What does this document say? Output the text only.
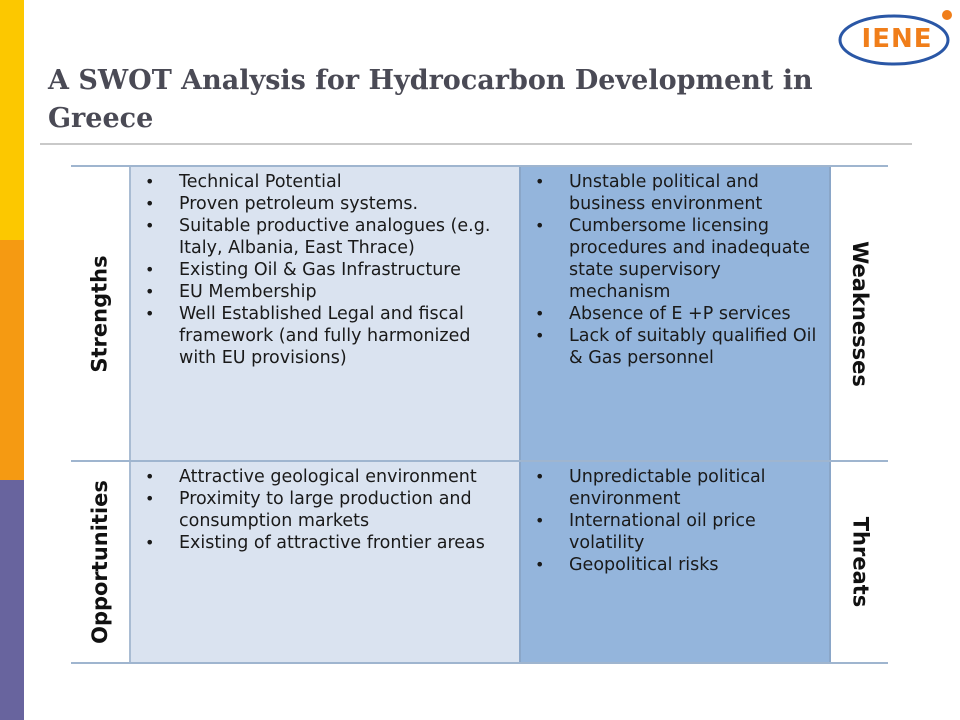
IENE
A SWOT Analysis for Hydrocarbon Development in Greece
Strengths
• Technical Potential
• Proven petroleum systems.
• Suitable productive analogues (e.g. Italy, Albania, East Thrace)
• Existing Oil & Gas Infrastructure
• EU Membership
• Well Established Legal and fiscal framework (and fully harmonized with EU provisions)
• Unstable political and business environment
• Cumbersome licensing procedures and inadequate state supervisory mechanism
• Absence of E +P services
• Lack of suitably qualified Oil & Gas personnel	Weaknesses
Opportunities
• Attractive geological environment
• Proximity to large production and consumption markets
• Existing of attractive frontier areas
• Unpredictable political environment
• International oil price volatility
• Geopolitical risks	Threats
